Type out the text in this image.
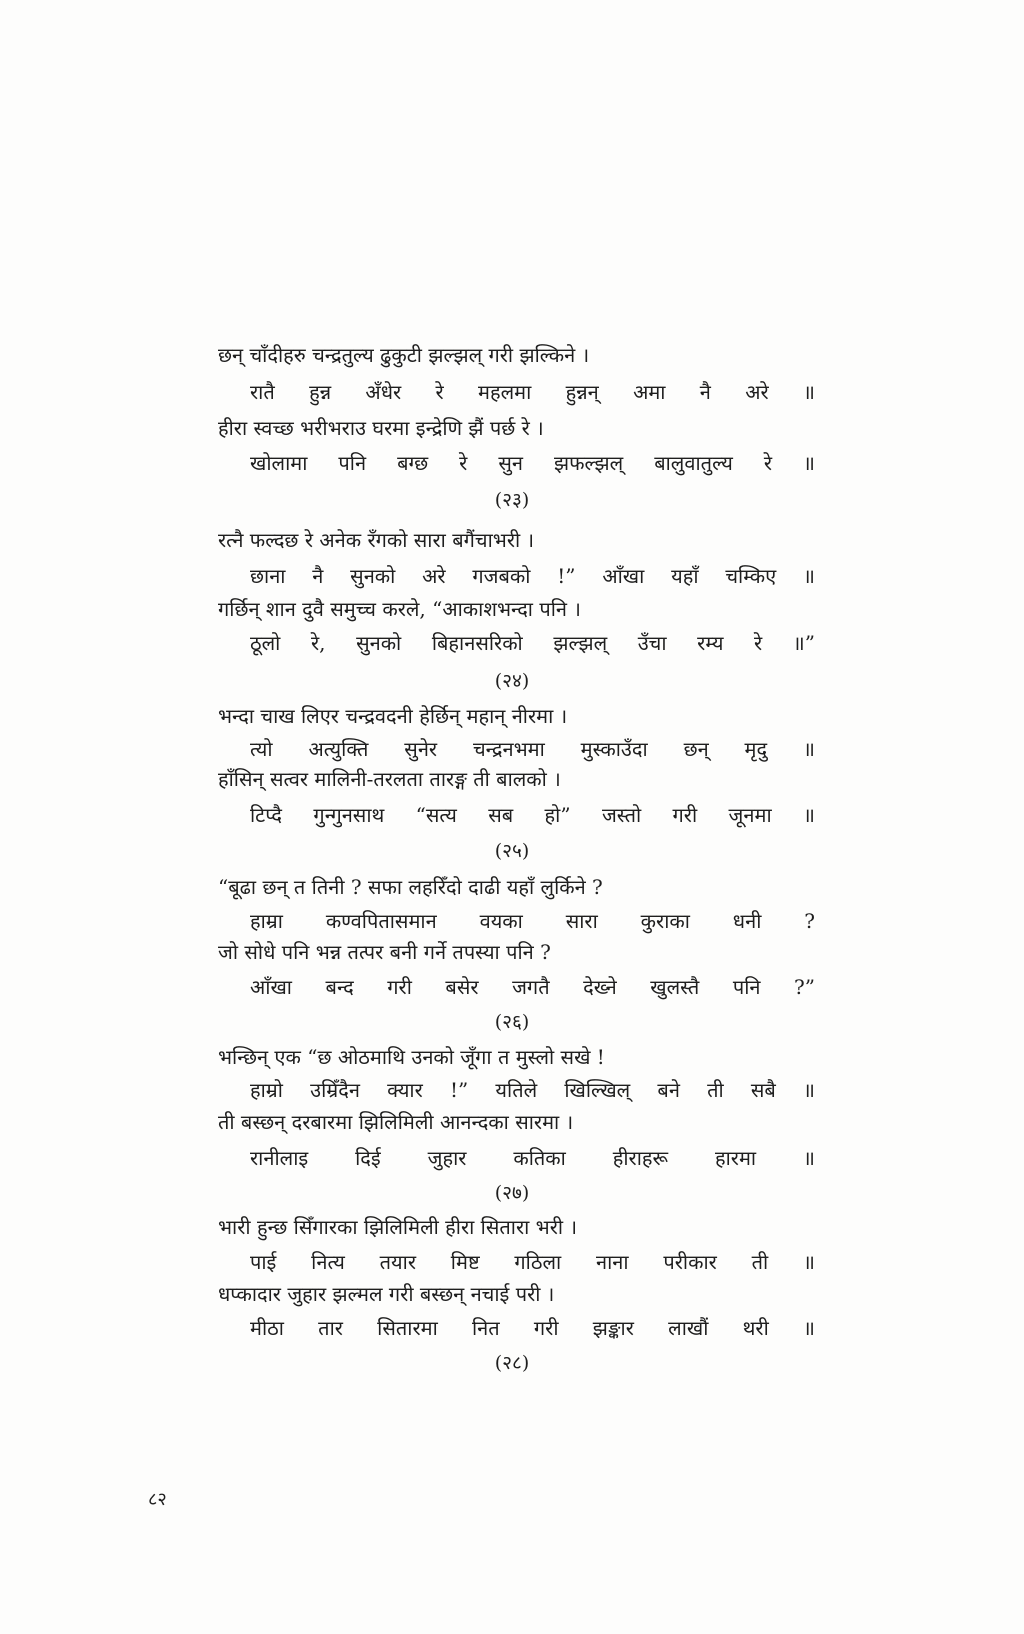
छन् चाँदीहरु चन्द्रतुल्य ढुकुटी झल्झल् गरी झल्किने ।
रातै हुन्न अँधेर रे महलमा हुन्नन् अमा नै अरे ॥
हीरा स्वच्छ भरीभराउ घरमा इन्द्रेणि झैं पर्छ रे ।
खोलामा पनि बग्छ रे सुन झफल्झल् बालुवातुल्य रे ॥
(२३)
रत्नै फल्दछ रे अनेक रँगको सारा बगैंचाभरी ।
छाना नै सुनको अरे गजबको !” आँखा यहाँ चम्किए ॥
गर्छिन् शान दुवै समुच्च करले, “आकाशभन्दा पनि ।
ठूलो रे, सुनको बिहानसरिको झल्झल् उँचा रम्य रे ॥”
(२४)
भन्दा चाख लिएर चन्द्रवदनी हेर्छिन् महान् नीरमा ।
त्यो अत्युक्ति सुनेर चन्द्रनभमा मुस्काउँदा छन् मृदु ॥
हाँसिन् सत्वर मालिनी-तरलता तारङ्ग ती बालको ।
टिप्दै गुन्गुनसाथ “सत्य सब हो” जस्तो गरी जूनमा ॥
(२५)
“बूढा छन् त तिनी ? सफा लहरिँदो दाढी यहाँ लुर्किने ?
हाम्रा कण्वपितासमान वयका सारा कुराका धनी ?
जो सोधे पनि भन्न तत्पर बनी गर्ने तपस्या पनि ?
आँखा बन्द गरी बसेर जगतै देख्ने खुलस्तै पनि ?”
(२६)
भन्छिन् एक “छ ओठमाथि उनको जूँगा त मुस्लो सखे !
हाम्रो उम्रिँदैन क्यार !” यतिले खिल्खिल् बने ती सबै ॥
ती बस्छन् दरबारमा झिलिमिली आनन्दका सारमा ।
रानीलाइ दिई जुहार कतिका हीराहरू हारमा ॥
(२७)
भारी हुन्छ सिँगारका झिलिमिली हीरा सितारा भरी ।
पाई नित्य तयार मिष्ट गठिला नाना परीकार ती ॥
धप्कादार जुहार झल्मल गरी बस्छन् नचाई परी ।
मीठा तार सितारमा नित गरी झङ्कार लाखौं थरी ॥
(२८)
८२
